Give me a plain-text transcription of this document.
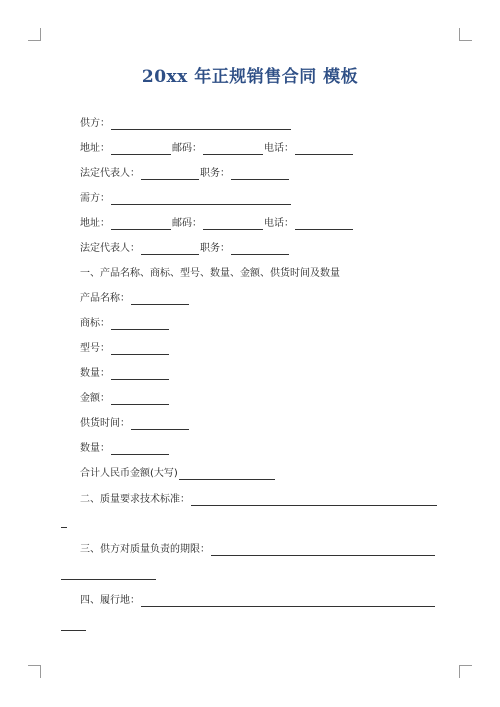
20xx 年正规销售合同 模板
供方：
地址：	邮码：	电话：
法定代表人：	职务：
需方：
地址：	邮码：	电话：
法定代表人：	职务：
一、产品名称、商标、型号、数量、金额、供货时间及数量
产品名称：
商标：
型号：
数量：
金额：
供货时间：
数量：
合计人民币金额(大写)
二、质量要求技术标准：
三、供方对质量负责的期限：
四、履行地：
